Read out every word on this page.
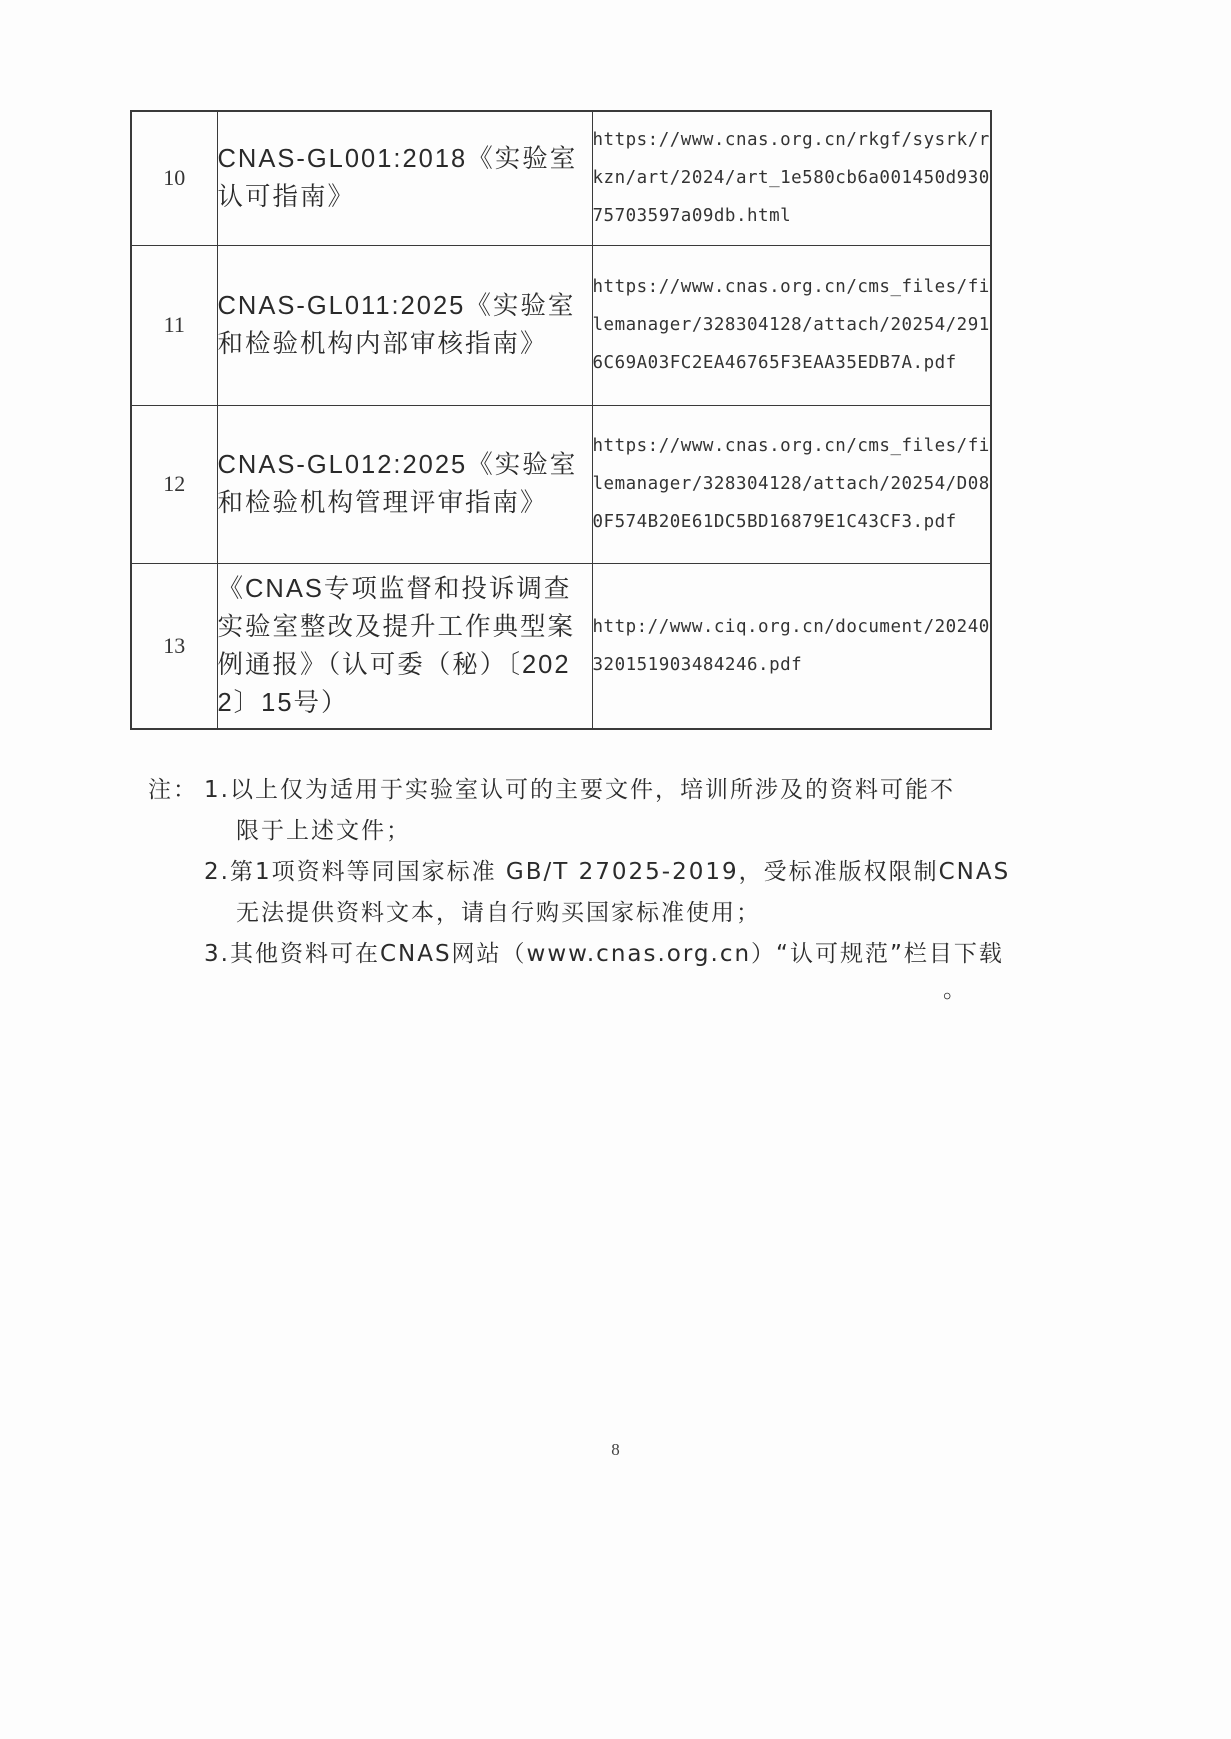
10	CNAS-GL001:2018《实验室认可指南》	https://www.cnas.org.cn/rkgf/sysrk/rkzn/art/2024/art_1e580cb6a001450d93075703597a09db.html
11	CNAS-GL011:2025《实验室和检验机构内部审核指南》	https://www.cnas.org.cn/cms_files/filemanager/328304128/attach/20254/2916C69A03FC2EA46765F3EAA35EDB7A.pdf
12	CNAS-GL012:2025《实验室和检验机构管理评审指南》	https://www.cnas.org.cn/cms_files/filemanager/328304128/attach/20254/D080F574B20E61DC5BD16879E1C43CF3.pdf
13	《CNAS专项监督和投诉调查实验室整改及提升工作典型案例通报》（认可委（秘）〔2022〕15号）	http://www.ciq.org.cn/document/20240320151903484246.pdf
注： 1.以上仅为适用于实验室认可的主要文件，培训所涉及的资料可能不
限于上述文件；
2.第1项资料等同国家标准 GB/T 27025-2019，受标准版权限制CNAS
无法提供资料文本，请自行购买国家标准使用；
3.其他资料可在CNAS网站（www.cnas.org.cn）“认可规范”栏目下载
。
8
